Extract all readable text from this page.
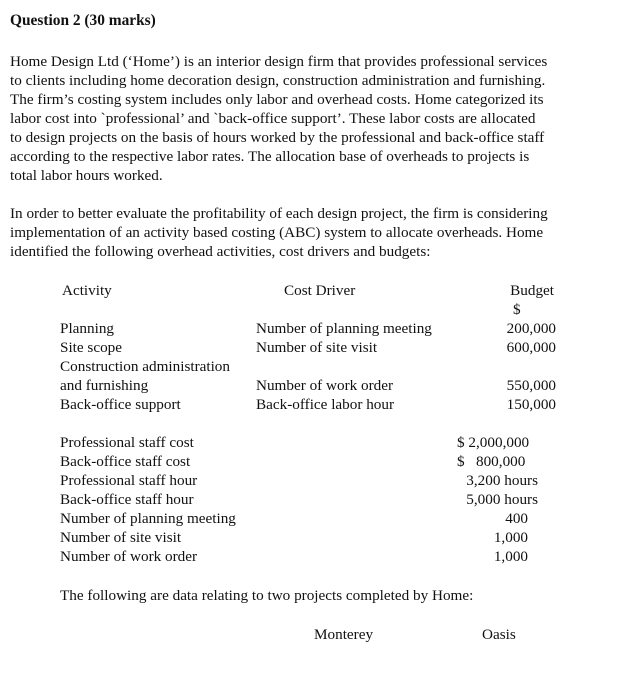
Question 2 (30 marks)
Home Design Ltd (‘Home’) is an interior design firm that provides professional services
to clients including home decoration design, construction administration and furnishing.
The firm’s costing system includes only labor and overhead costs. Home categorized its
labor cost into `professional’ and `back-office support’. These labor costs are allocated
to design projects on the basis of hours worked by the professional and back-office staff
according to the respective labor rates. The allocation base of overheads to projects is
total labor hours worked.
In order to better evaluate the profitability of each design project, the firm is considering
implementation of an activity based costing (ABC) system to allocate overheads. Home
identified the following overhead activities, cost drivers and budgets:
Activity	Cost Driver	Budget
$
Planning	Number of planning meeting	200,000
Site scope	Number of site visit	600,000
Construction administration
and furnishing	Number of work order	550,000
Back-office support	Back-office labor hour	150,000
Professional staff cost	$ 2,000,000
Back-office staff cost	$   800,000
Professional staff hour	3,200 hours
Back-office staff hour	5,000 hours
Number of planning meeting	400
Number of site visit	1,000
Number of work order	1,000
The following are data relating to two projects completed by Home:
Monterey	Oasis
